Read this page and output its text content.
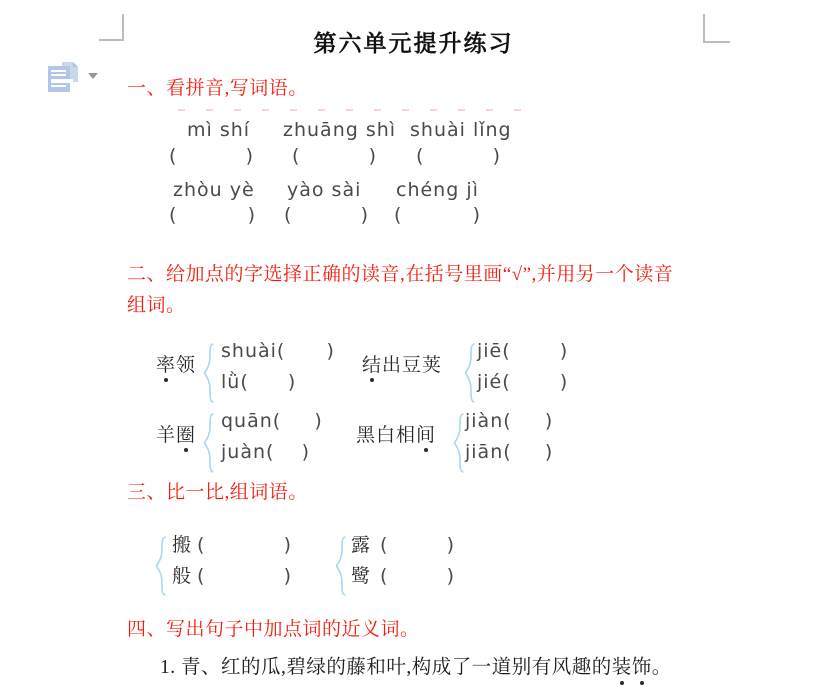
第六单元提升练习
一、看拼音,写词语。
mì shí zhuāng shì shuài lǐng
(	) (	) (	)
zhòu yè yào sài chéng jì
(	) (	) (	)
二、给加点的字选择正确的读音,在括号里画“√”,并用另一个读音
组词。
率领
shuài ( )
lǜ ( )
结出豆荚
jiē (	)
jié (	)
羊圈
quān ( )
juàn ( )
黑白相间
jiàn ( )
jiān ( )
三、比一比,组词语。
搬 (	)
般 (	)
露 (	)
鹭 (	)
四、写出句子中加点词的近义词。
1. 青、红的瓜,碧绿的藤和叶,构成了一道别有风趣的装饰。
